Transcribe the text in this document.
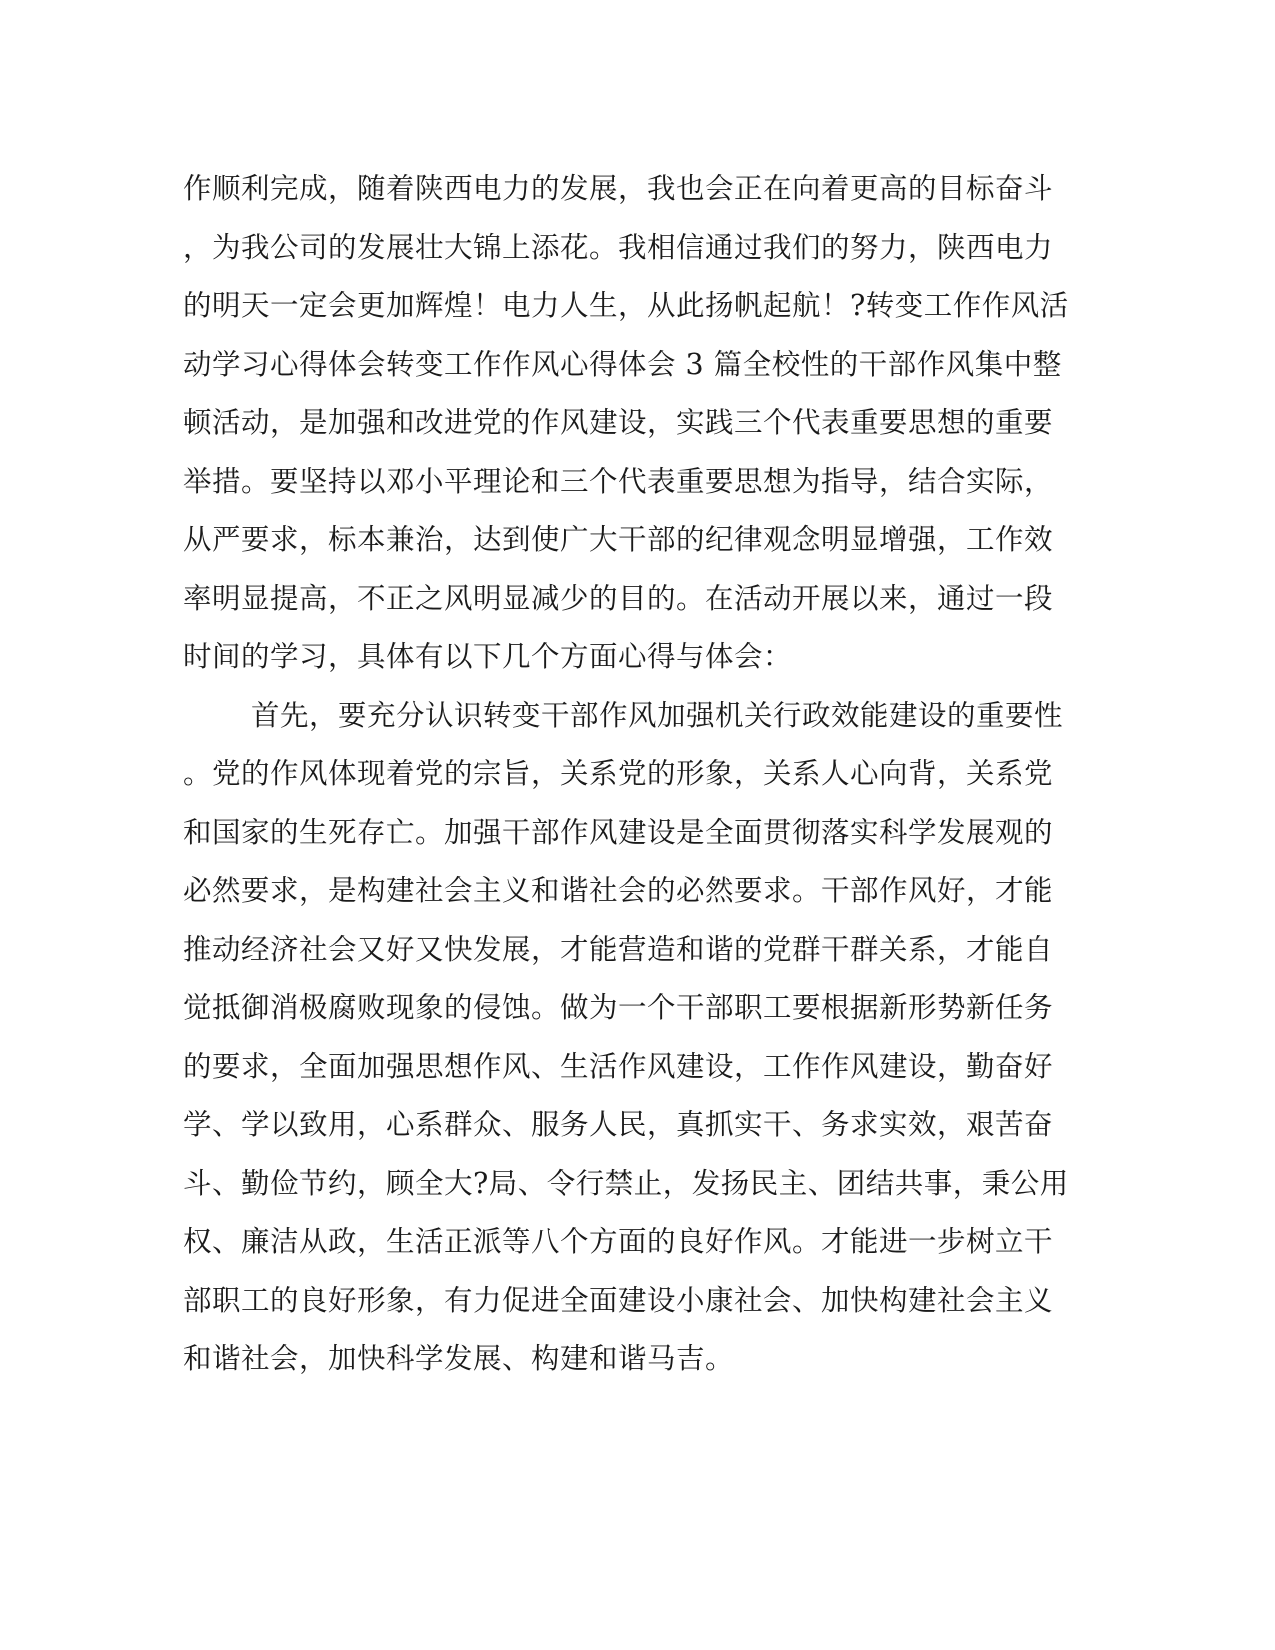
作顺利完成，随着陕西电力的发展，我也会正在向着更高的目标奋斗
，为我公司的发展壮大锦上添花。我相信通过我们的努力，陕西电力
的明天一定会更加辉煌！电力人生，从此扬帆起航！?转变工作作风活
动学习心得体会转变工作作风心得体会 3 篇全校性的干部作风集中整
顿活动，是加强和改进党的作风建设，实践三个代表重要思想的重要
举措。要坚持以邓小平理论和三个代表重要思想为指导，结合实际，
从严要求，标本兼治，达到使广大干部的纪律观念明显增强，工作效
率明显提高，不正之风明显减少的目的。在活动开展以来，通过一段
时间的学习，具体有以下几个方面心得与体会：
首先，要充分认识转变干部作风加强机关行政效能建设的重要性
。党的作风体现着党的宗旨，关系党的形象，关系人心向背，关系党
和国家的生死存亡。加强干部作风建设是全面贯彻落实科学发展观的
必然要求，是构建社会主义和谐社会的必然要求。干部作风好，才能
推动经济社会又好又快发展，才能营造和谐的党群干群关系，才能自
觉抵御消极腐败现象的侵蚀。做为一个干部职工要根据新形势新任务
的要求，全面加强思想作风、生活作风建设，工作作风建设，勤奋好
学、学以致用，心系群众、服务人民，真抓实干、务求实效，艰苦奋
斗、勤俭节约，顾全大?局、令行禁止，发扬民主、团结共事，秉公用
权、廉洁从政，生活正派等八个方面的良好作风。才能进一步树立干
部职工的良好形象，有力促进全面建设小康社会、加快构建社会主义
和谐社会，加快科学发展、构建和谐马吉。
